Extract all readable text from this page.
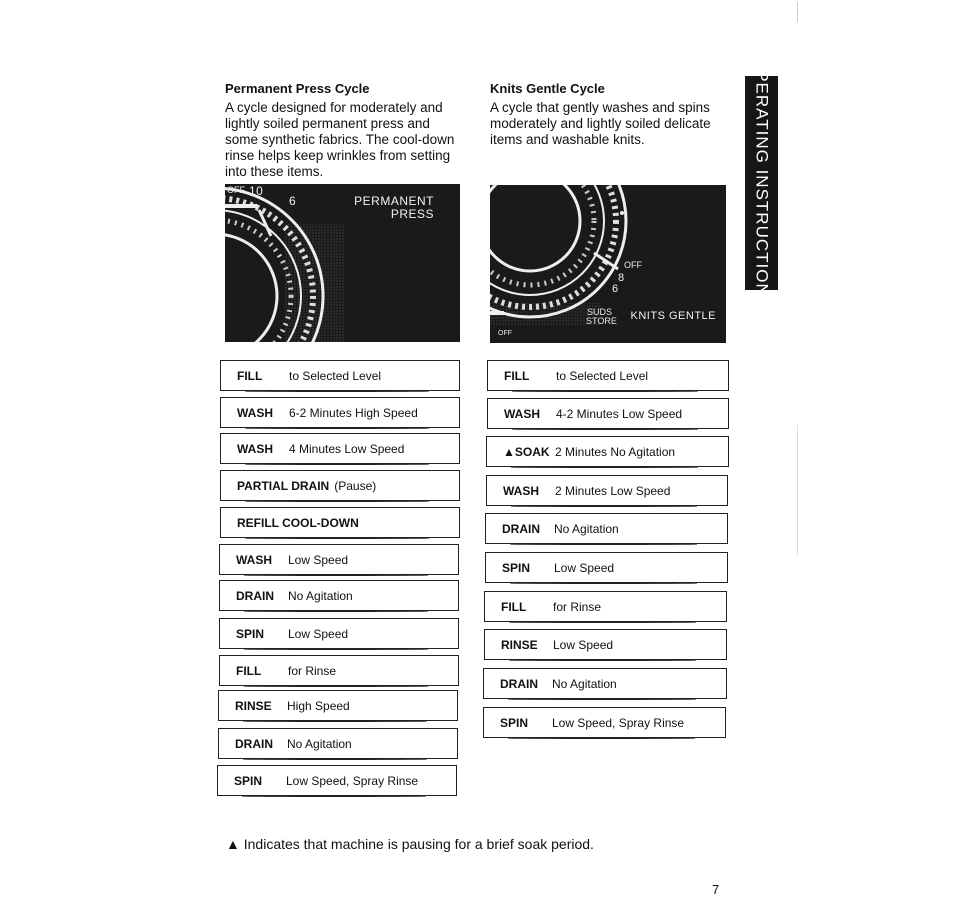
Permanent Press Cycle

A cycle designed for moderately and lightly soiled permanent press and some synthetic fabrics. The cool-down rinse helps keep wrinkles from setting into these items.

OFF 10
6	PERMANENT
PRESS
FILL	to Selected Level
WASH	6-2 Minutes High Speed
WASH	4 Minutes Low Speed
PARTIAL DRAIN (Pause)
REFILL COOL-DOWN
WASH	Low Speed
DRAIN	No Agitation
SPIN	Low Speed
FILL	for Rinse
RINSE	High Speed
DRAIN	No Agitation
SPIN	Low Speed, Spray Rinse

Knits Gentle Cycle

A cycle that gently washes and spins moderately and lightly soiled delicate items and washable knits.

OFF
8
6
SUDS
STORE KNITS GENTLE
OFF
FILL	to Selected Level
WASH	4-2 Minutes Low Speed
▲SOAK 2 Minutes No Agitation
WASH	2 Minutes Low Speed
DRAIN	No Agitation
SPIN	Low Speed
FILL	for Rinse
RINSE	Low Speed
DRAIN	No Agitation
SPIN	Low Speed, Spray Rinse
OPERATING INSTRUCTIONS
▲ Indicates that machine is pausing for a brief soak period.
7
